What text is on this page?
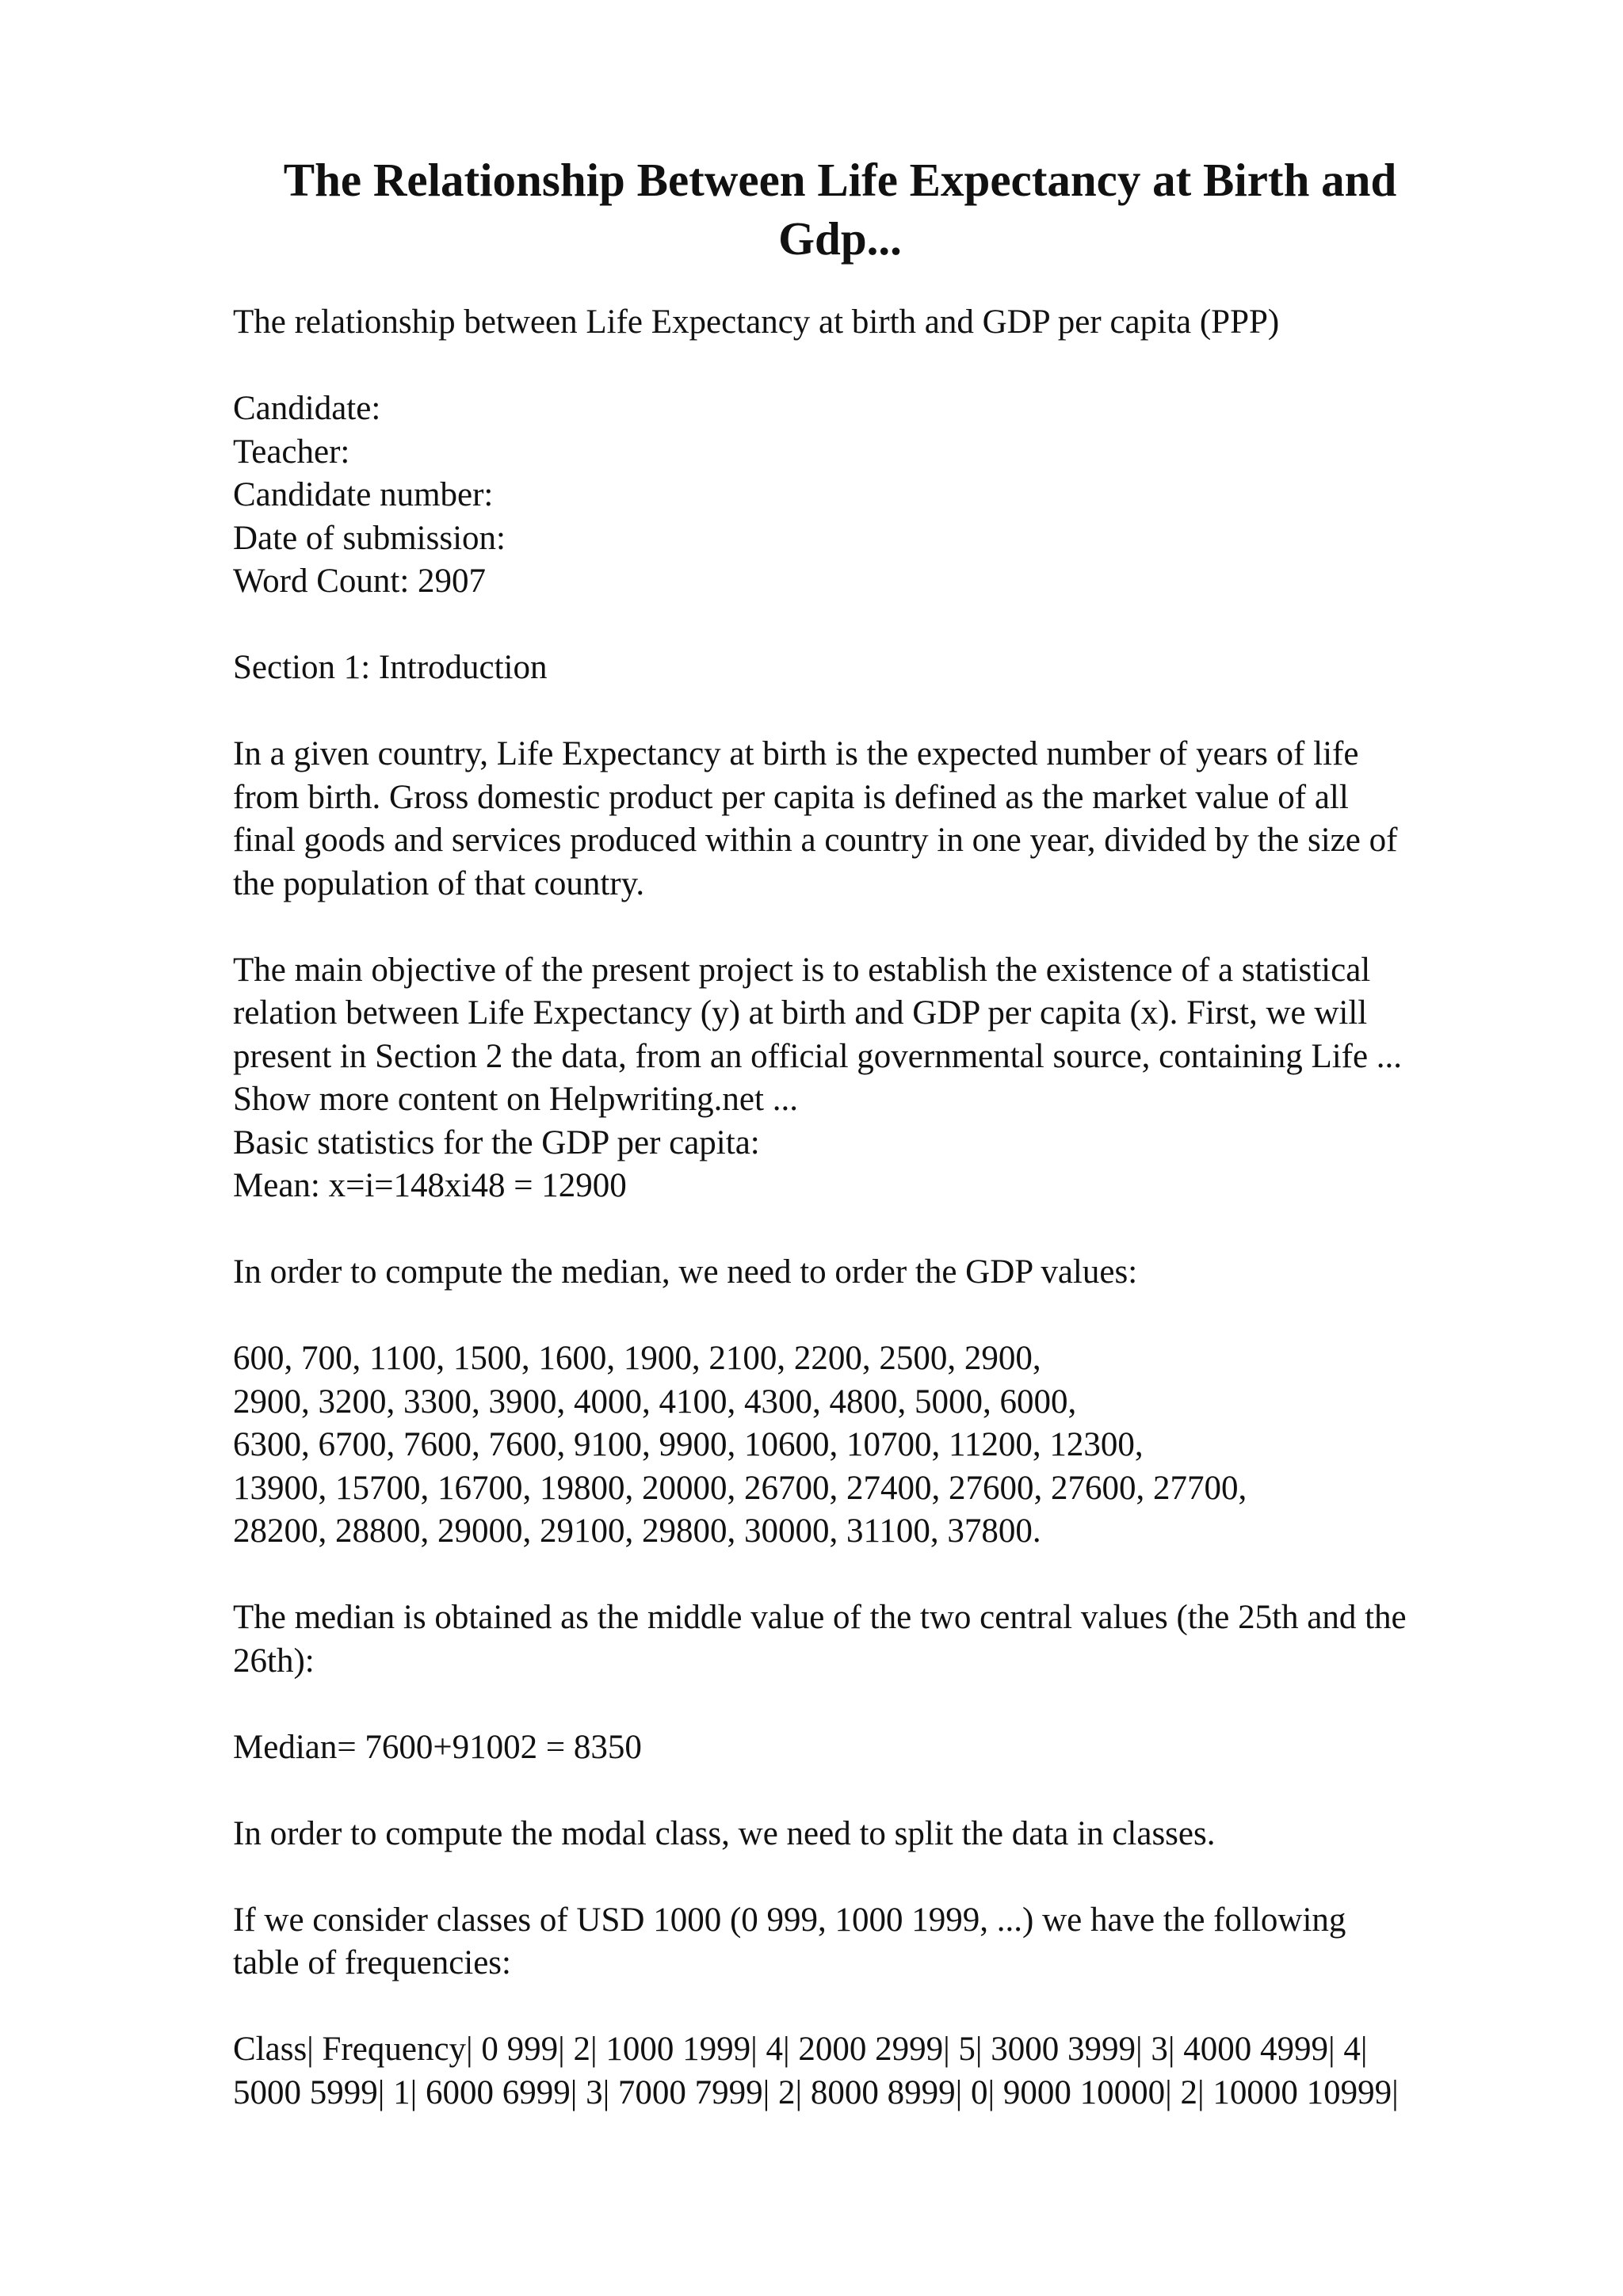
The Relationship Between Life Expectancy at Birth and Gdp...

The relationship between Life Expectancy at birth and GDP per capita (PPP)

Candidate:
Teacher:
Candidate number:
Date of submission:
Word Count: 2907

Section 1: Introduction

In a given country, Life Expectancy at birth is the expected number of years of life
from birth. Gross domestic product per capita is defined as the market value of all
final goods and services produced within a country in one year, divided by the size of
the population of that country.

The main objective of the present project is to establish the existence of a statistical
relation between Life Expectancy (y) at birth and GDP per capita (x). First, we will
present in Section 2 the data, from an official governmental source, containing Life ...
Show more content on Helpwriting.net ...
Basic statistics for the GDP per capita:
Mean: x=i=148xi48 = 12900

In order to compute the median, we need to order the GDP values:

600, 700, 1100, 1500, 1600, 1900, 2100, 2200, 2500, 2900,
2900, 3200, 3300, 3900, 4000, 4100, 4300, 4800, 5000, 6000,
6300, 6700, 7600, 7600, 9100, 9900, 10600, 10700, 11200, 12300,
13900, 15700, 16700, 19800, 20000, 26700, 27400, 27600, 27600, 27700,
28200, 28800, 29000, 29100, 29800, 30000, 31100, 37800.

The median is obtained as the middle value of the two central values (the 25th and the
26th):

Median= 7600+91002 = 8350

In order to compute the modal class, we need to split the data in classes.

If we consider classes of USD 1000 (0 999, 1000 1999, ...) we have the following
table of frequencies:

Class| Frequency| 0 999| 2| 1000 1999| 4| 2000 2999| 5| 3000 3999| 3| 4000 4999| 4|
5000 5999| 1| 6000 6999| 3| 7000 7999| 2| 8000 8999| 0| 9000 10000| 2| 10000 10999|
